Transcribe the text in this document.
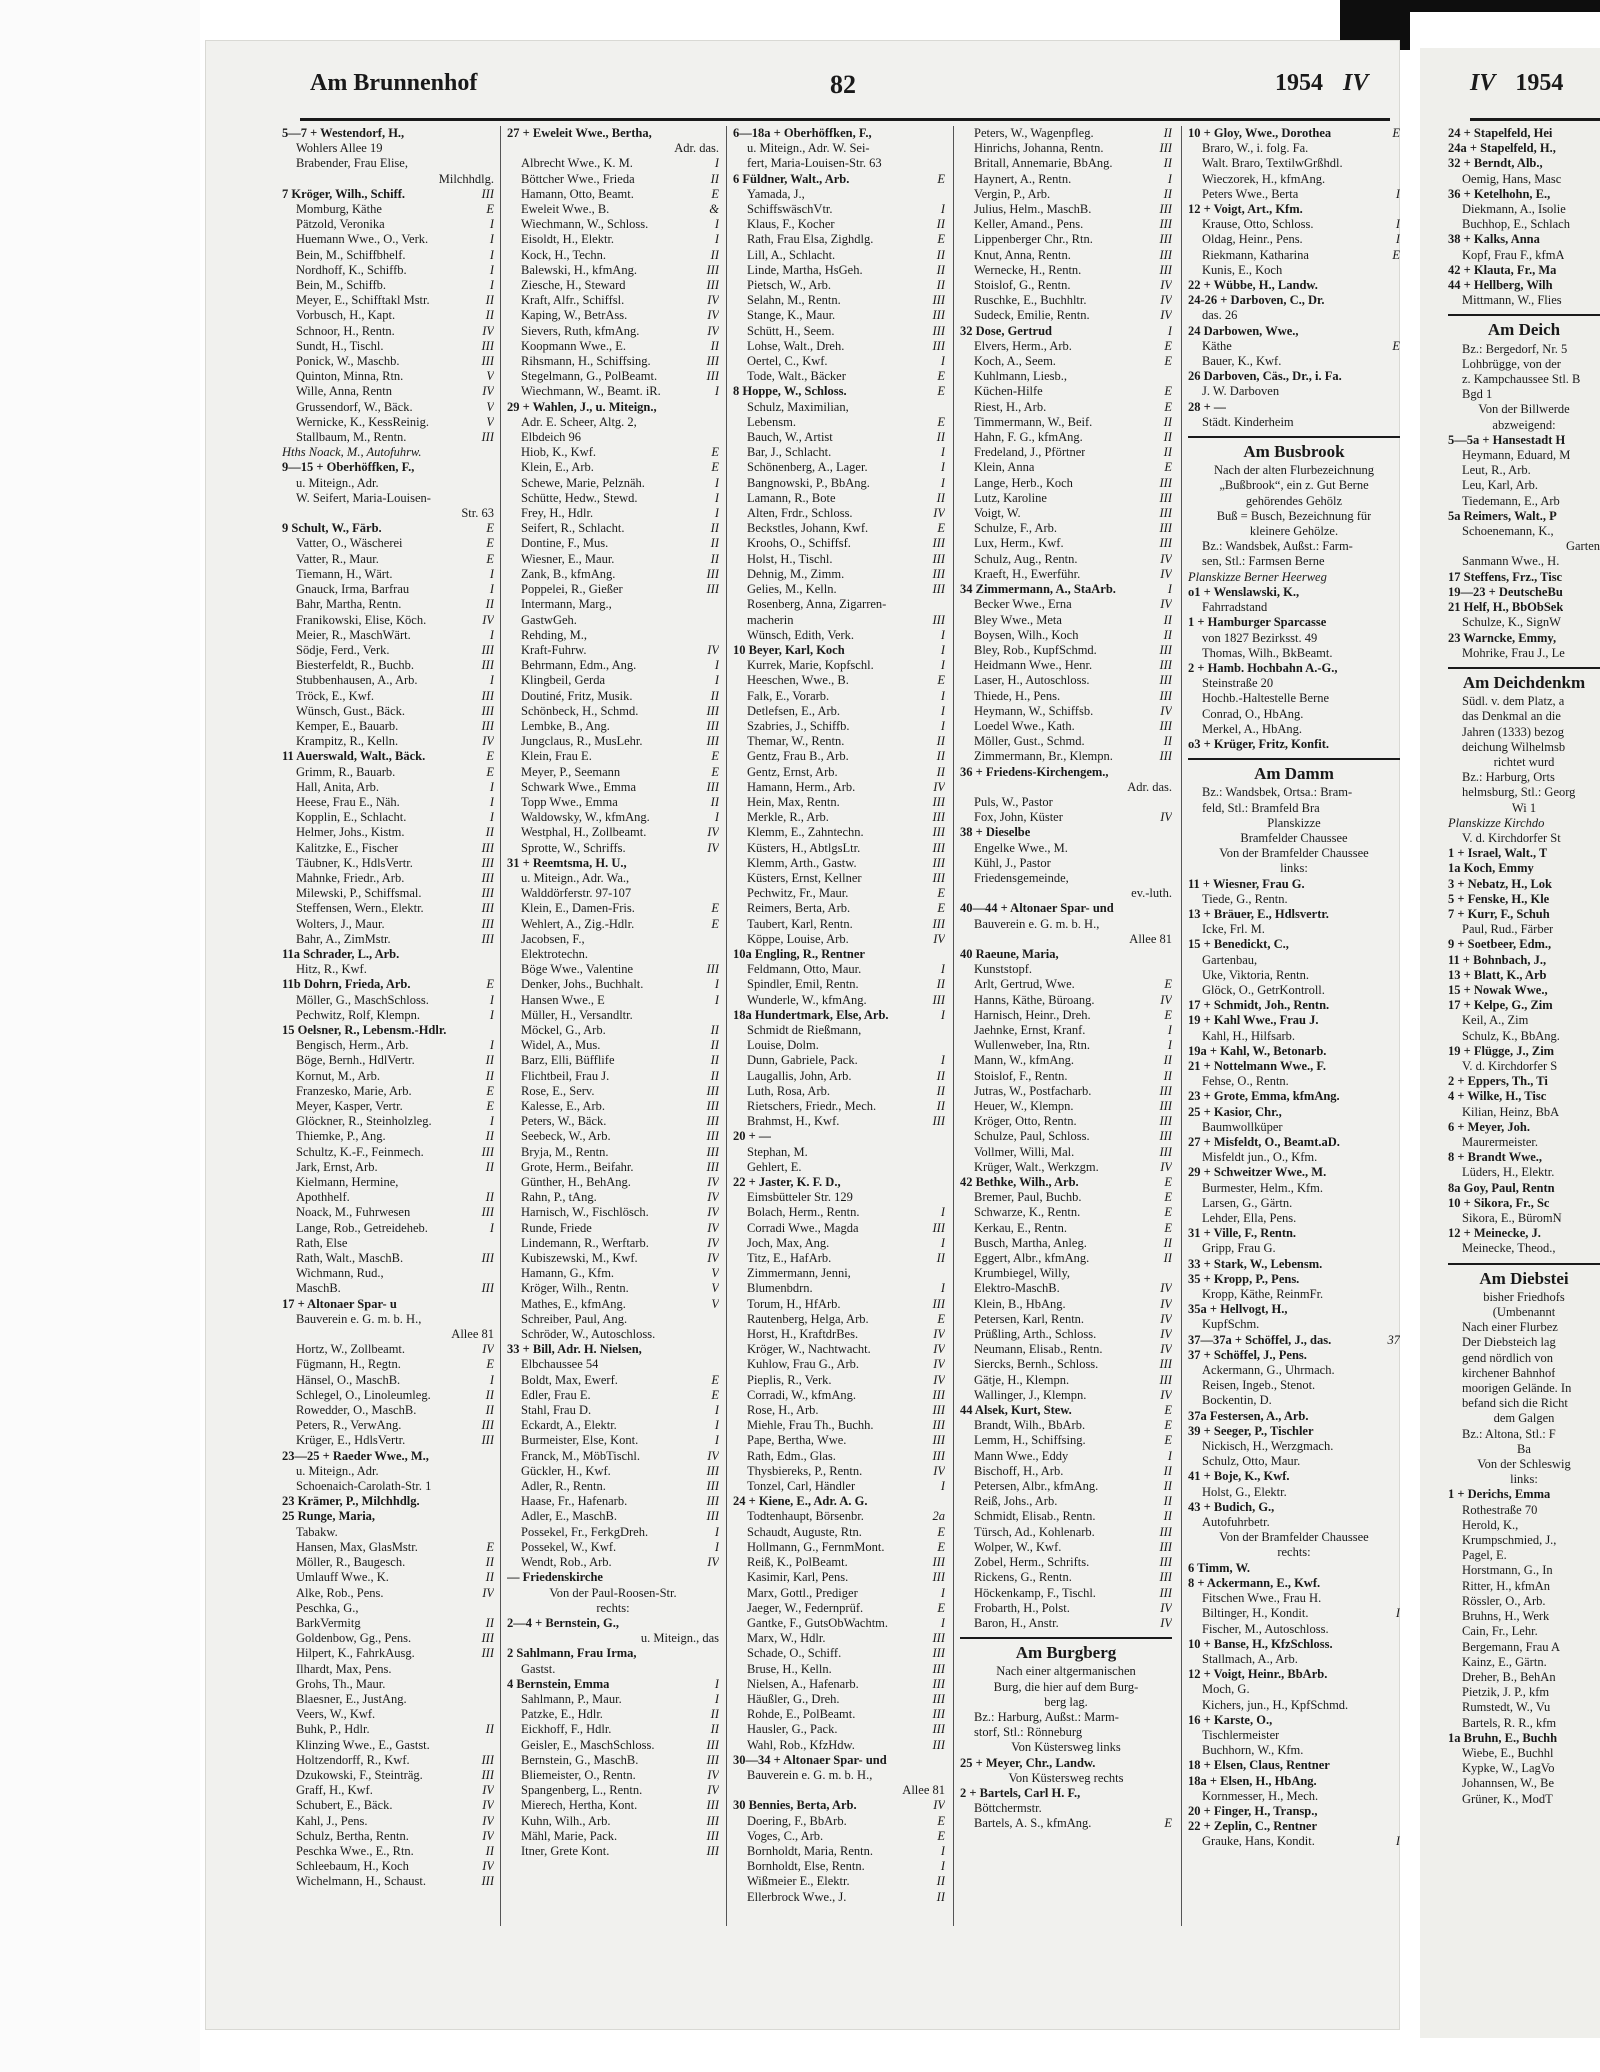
Am Brunnenhof	82	1954 IV	IV 1954
5—7 + Westendorf, H.,
Wohlers Allee 19
Brabender, Frau Elise,
Milchhdlg.
7 Kröger, Wilh., Schiff.	III
Momburg, Käthe	E
Pätzold, Veronika	I
Huemann Wwe., O., Verk.	I
Bein, M., Schiffbhelf.	I
Nordhoff, K., Schiffb.	I
Bein, M., Schiffb.	I
Meyer, E., Schifftakl Mstr.	II
Vorbusch, H., Kapt.	II
Schnoor, H., Rentn.	IV
Sundt, H., Tischl.	III
Ponick, W., Maschb.	III
Quinton, Minna, Rtn.	V
Wille, Anna, Rentn	IV
Grussendorf, W., Bäck.	V
Wernicke, K., KessReinig.	V
Stallbaum, M., Rentn.	III
Hths Noack, M., Autofuhrw.
9—15 + Oberhöffken, F.,
u. Miteign., Adr.
W. Seifert, Maria-Louisen-
Str. 63
9 Schult, W., Färb.	E
Vatter, O., Wäscherei	E
Vatter, R., Maur.	E
Tiemann, H., Wärt.	I
Gnauck, Irma, Barfrau	I
Bahr, Martha, Rentn.	II
Franikowski, Elise, Köch.	IV
Meier, R., MaschWärt.	I
Södje, Ferd., Verk.	III
Biesterfeldt, R., Buchb.	III
Stubbenhausen, A., Arb.	I
Tröck, E., Kwf.	III
Wünsch, Gust., Bäck.	III
Kemper, E., Bauarb.	III
Krampitz, R., Kelln.	IV
11 Auerswald, Walt., Bäck.	E
Grimm, R., Bauarb.	E
Hall, Anita, Arb.	I
Heese, Frau E., Näh.	I
Kopplin, E., Schlacht.	I
Helmer, Johs., Kistm.	II
Kalitzke, E., Fischer	III
Täubner, K., HdlsVertr.	III
Mahnke, Friedr., Arb.	III
Milewski, P., Schiffsmal.	III
Steffensen, Wern., Elektr.	III
Wolters, J., Maur.	III
Bahr, A., ZimMstr.	III
11a Schrader, L., Arb.
Hitz, R., Kwf.
11b Dohrn, Frieda, Arb.	E
Möller, G., MaschSchloss.	I
Pechwitz, Rolf, Klempn.	I
15 Oelsner, R., Lebensm.-Hdlr.
Bengisch, Herm., Arb.	I
Böge, Bernh., HdlVertr.	II
Kornut, M., Arb.	II
Franzesko, Marie, Arb.	E
Meyer, Kasper, Vertr.	E
Glöckner, R., Steinholzleg.	I
Thiemke, P., Ang.	II
Schultz, K.-F., Feinmech.	III
Jark, Ernst, Arb.	II
Kielmann, Hermine,
Apothhelf.	II
Noack, M., Fuhrwesen	III
Lange, Rob., Getreideheb.	I
Rath, Else
Rath, Walt., MaschB.	III
Wichmann, Rud.,
MaschB.	III
17 + Altonaer Spar- u
Bauverein e. G. m. b. H.,
Allee 81
Hortz, W., Zollbeamt.	IV
Fügmann, H., Regtn.	E
Hänsel, O., MaschB.	I
Schlegel, O., Linoleumleg.	II
Rowedder, O., MaschB.	II
Peters, R., VerwAng.	III
Krüger, E., HdlsVertr.	III
23—25 + Raeder Wwe., M.,
u. Miteign., Adr.
Schoenaich-Carolath-Str. 1
23 Krämer, P., Milchhdlg.
25 Runge, Maria,
Tabakw.
Hansen, Max, GlasMstr.	E
Möller, R., Baugesch.	II
Umlauff Wwe., K.	II
Alke, Rob., Pens.	IV
Peschka, G.,
BarkVermitg	II
Goldenbow, Gg., Pens.	III
Hilpert, K., FahrkAusg.	III
Ilhardt, Max, Pens.
Grohs, Th., Maur.
Blaesner, E., JustAng.
Veers, W., Kwf.
Buhk, P., Hdlr.	II
Klinzing Wwe., E., Gastst.
Holtzendorff, R., Kwf.	III
Dzukowski, F., Steinträg.	III
Graff, H., Kwf.	IV
Schubert, E., Bäck.	IV
Kahl, J., Pens.	IV
Schulz, Bertha, Rentn.	IV
Peschka Wwe., E., Rtn.	II
Schleebaum, H., Koch	IV
Wichelmann, H., Schaust.	III
27 + Eweleit Wwe., Bertha,
Adr. das.
Albrecht Wwe., K. M.	I
Böttcher Wwe., Frieda	II
Hamann, Otto, Beamt.	E
Eweleit Wwe., B.	&
Wiechmann, W., Schloss.	I
Eisoldt, H., Elektr.	I
Kock, H., Techn.	II
Balewski, H., kfmAng.	III
Ziesche, H., Steward	III
Kraft, Alfr., Schiffsl.	IV
Kaping, W., BetrAss.	IV
Sievers, Ruth, kfmAng.	IV
Koopmann Wwe., E.	II
Rihsmann, H., Schiffsing.	III
Stegelmann, G., PolBeamt.	III
Wiechmann, W., Beamt. iR.	I
29 + Wahlen, J., u. Miteign.,
Adr. E. Scheer, Altg. 2,
Elbdeich 96
Hiob, K., Kwf.	E
Klein, E., Arb.	E
Schewe, Marie, Pelznäh.	I
Schütte, Hedw., Stewd.	I
Frey, H., Hdlr.	I
Seifert, R., Schlacht.	II
Dontine, F., Mus.	II
Wiesner, E., Maur.	II
Zank, B., kfmAng.	III
Poppelei, R., Gießer	III
Intermann, Marg.,
GastwGeh.
Rehding, M.,
Kraft-Fuhrw.	IV
Behrmann, Edm., Ang.	I
Klingbeil, Gerda	I
Doutiné, Fritz, Musik.	II
Schönbeck, H., Schmd.	III
Lembke, B., Ang.	III
Jungclaus, R., MusLehr.	III
Klein, Frau E.	E
Meyer, P., Seemann	E
Schwark Wwe., Emma	III
Topp Wwe., Emma	II
Waldowsky, W., kfmAng.	I
Westphal, H., Zollbeamt.	IV
Sprotte, W., Schriffs.	IV
31 + Reemtsma, H. U.,
u. Miteign., Adr. Wa.,
Walddörferstr. 97-107
Klein, E., Damen-Fris.	E
Wehlert, A., Zig.-Hdlr.	E
Jacobsen, F.,
Elektrotechn.
Böge Wwe., Valentine	III
Denker, Johs., Buchhalt.	I
Hansen Wwe., E	I
Müller, H., Versandltr.
Möckel, G., Arb.	II
Widel, A., Mus.	II
Barz, Elli, Büfflife	II
Flichtbeil, Frau J.	II
Rose, E., Serv.	III
Kalesse, E., Arb.	III
Peters, W., Bäck.	III
Seebeck, W., Arb.	III
Bryja, M., Rentn.	III
Grote, Herm., Beifahr.	III
Günther, H., BehAng.	IV
Rahn, P., tAng.	IV
Harnisch, W., Fischlösch.	IV
Runde, Friede	IV
Lindemann, R., Werftarb.	IV
Kubiszewski, M., Kwf.	IV
Hamann, G., Kfm.	V
Kröger, Wilh., Rentn.	V
Mathes, E., kfmAng.	V
Schreiber, Paul, Ang.
Schröder, W., Autoschloss.
33 + Bill, Adr. H. Nielsen,
Elbchaussee 54
Boldt, Max, Ewerf.	E
Edler, Frau E.	E
Stahl, Frau D.	I
Eckardt, A., Elektr.	I
Burmeister, Else, Kont.	I
Franck, M., MöbTischl.	IV
Gückler, H., Kwf.	III
Adler, R., Rentn.	III
Haase, Fr., Hafenarb.	III
Adler, E., MaschB.	III
Possekel, Fr., FerkgDreh.	I
Possekel, W., Kwf.	I
Wendt, Rob., Arb.	IV
— Friedenskirche
Von der Paul-Roosen-Str.
rechts:
2—4 + Bernstein, G.,
u. Miteign., das
2 Sahlmann, Frau Irma,
Gastst.
4 Bernstein, Emma	I
Sahlmann, P., Maur.	I
Patzke, E., Hdlr.	II
Eickhoff, F., Hdlr.	II
Geisler, E., MaschSchloss.	III
Bernstein, G., MaschB.	III
Bliemeister, O., Rentn.	IV
Spangenberg, L., Rentn.	IV
Mierech, Hertha, Kont.	III
Kuhn, Wilh., Arb.	III
Mähl, Marie, Pack.	III
Itner, Grete Kont.	III
6—18a + Oberhöffken, F.,
u. Miteign., Adr. W. Sei-
fert, Maria-Louisen-Str. 63
6 Füldner, Walt., Arb.	E
Yamada, J.,
SchiffswäschVtr.	I
Klaus, F., Kocher	II
Rath, Frau Elsa, Zighdlg.	E
Lill, A., Schlacht.	II
Linde, Martha, HsGeh.	II
Pietsch, W., Arb.	II
Selahn, M., Rentn.	III
Stange, K., Maur.	III
Schütt, H., Seem.	III
Lohse, Walt., Dreh.	III
Oertel, C., Kwf.	I
Tode, Walt., Bäcker	E
8 Hoppe, W., Schloss.	E
Schulz, Maximilian,
Lebensm.	E
Bauch, W., Artist	II
Bar, J., Schlacht.	I
Schönenberg, A., Lager.	I
Bangnowski, P., BbAng.	I
Lamann, R., Bote	II
Alten, Frdr., Schloss.	IV
Beckstles, Johann, Kwf.	E
Kroohs, O., Schiffsf.	III
Holst, H., Tischl.	III
Dehnig, M., Zimm.	III
Gelies, M., Kelln.	III
Rosenberg, Anna, Zigarren-
macherin	III
Wünsch, Edith, Verk.	I
10 Beyer, Karl, Koch	I
Kurrek, Marie, Kopfschl.	I
Heeschen, Wwe., B.	E
Falk, E., Vorarb.	I
Detlefsen, E., Arb.	I
Szabries, J., Schiffb.	I
Themar, W., Rentn.	II
Gentz, Frau B., Arb.	II
Gentz, Ernst, Arb.	II
Hamann, Herm., Arb.	IV
Hein, Max, Rentn.	III
Merkle, R., Arb.	III
Klemm, E., Zahntechn.	III
Küsters, H., AbtlgsLtr.	III
Klemm, Arth., Gastw.	III
Küsters, Ernst, Kellner	III
Pechwitz, Fr., Maur.	E
Reimers, Berta, Arb.	E
Taubert, Karl, Rentn.	III
Köppe, Louise, Arb.	IV
10a Engling, R., Rentner
Feldmann, Otto, Maur.	I
Spindler, Emil, Rentn.	II
Wunderle, W., kfmAng.	III
18a Hundertmark, Else, Arb.	I
Schmidt de Rießmann,
Louise, Dolm.
Dunn, Gabriele, Pack.	I
Laugallis, John, Arb.	II
Luth, Rosa, Arb.	II
Rietschers, Friedr., Mech.	II
Brahmst, H., Kwf.	III
20 + —
Stephan, M.
Gehlert, E.
22 + Jaster, K. F. D.,
Eimsbütteler Str. 129
Bolach, Herm., Rentn.	I
Corradi Wwe., Magda	III
Joch, Max, Ang.	I
Titz, E., HafArb.	II
Zimmermann, Jenni,
Blumenbdrn.	I
Torum, H., HfArb.	III
Rautenberg, Helga, Arb.	E
Horst, H., KraftdrBes.	IV
Kröger, W., Nachtwacht.	IV
Kuhlow, Frau G., Arb.	IV
Pieplis, R., Verk.	IV
Corradi, W., kfmAng.	III
Rose, H., Arb.	III
Miehle, Frau Th., Buchh.	III
Pape, Bertha, Wwe.	III
Rath, Edm., Glas.	III
Thysbiereks, P., Rentn.	IV
Tonzel, Carl, Händler	I
24 + Kiene, E., Adr. A. G.
Todtenhaupt, Börsenbr.	2a
Schaudt, Auguste, Rtn.	E
Hollmann, G., FernmMont.	E
Reiß, K., PolBeamt.	III
Kasimir, Karl, Pens.	III
Marx, Gottl., Prediger	I
Jaeger, W., Federnprüf.	E
Gantke, F., GutsObWachtm.	I
Marx, W., Hdlr.	III
Schade, O., Schiff.	III
Bruse, H., Kelln.	III
Nielsen, A., Hafenarb.	III
Häußler, G., Dreh.	III
Rohde, E., PolBeamt.	III
Hausler, G., Pack.	III
Wahl, Rob., KfzHdw.	III
30—34 + Altonaer Spar- und
Bauverein e. G. m. b. H.,
Allee 81
30 Bennies, Berta, Arb.	IV
Doering, F., BbArb.	E
Voges, C., Arb.	E
Bornholdt, Maria, Rentn.	I
Bornholdt, Else, Rentn.	I
Wißmeier E., Elektr.	II
Ellerbrock Wwe., J.	II
Peters, W., Wagenpfleg.	II
Hinrichs, Johanna, Rentn.	III
Britall, Annemarie, BbAng.	II
Haynert, A., Rentn.	I
Vergin, P., Arb.	II
Julius, Helm., MaschB.	III
Keller, Amand., Pens.	III
Lippenberger Chr., Rtn.	III
Knut, Anna, Rentn.	III
Wernecke, H., Rentn.	III
Stoislof, G., Rentn.	IV
Ruschke, E., Buchhltr.	IV
Sudeck, Emilie, Rentn.	IV
32 Dose, Gertrud	I
Elvers, Herm., Arb.	E
Koch, A., Seem.	E
Kuhlmann, Liesb.,
Küchen-Hilfe	E
Riest, H., Arb.	E
Timmermann, W., Beif.	II
Hahn, F. G., kfmAng.	II
Fredeland, J., Pförtner	II
Klein, Anna	E
Lange, Herb., Koch	III
Lutz, Karoline	III
Voigt, W.	III
Schulze, F., Arb.	III
Lux, Herm., Kwf.	III
Schulz, Aug., Rentn.	IV
Kraeft, H., Ewerführ.	IV
34 Zimmermann, A., StaArb.	I
Becker Wwe., Erna	IV
Bley Wwe., Meta	II
Boysen, Wilh., Koch	II
Bley, Rob., KupfSchmd.	III
Heidmann Wwe., Henr.	III
Laser, H., Autoschloss.	III
Thiede, H., Pens.	III
Heymann, W., Schiffsb.	IV
Loedel Wwe., Kath.	III
Möller, Gust., Schmd.	II
Zimmermann, Br., Klempn.	III
36 + Friedens-Kirchengem.,
Adr. das.
Puls, W., Pastor
Fox, John, Küster	IV
38 + Dieselbe
Engelke Wwe., M.
Kühl, J., Pastor
Friedensgemeinde,
ev.-luth.
40—44 + Altonaer Spar- und
Bauverein e. G. m. b. H.,
Allee 81
40 Raeune, Maria,
Kunststopf.
Arlt, Gertrud, Wwe.	E
Hanns, Käthe, Büroang.	IV
Harnisch, Heinr., Dreh.	E
Jaehnke, Ernst, Kranf.	I
Wullenweber, Ina, Rtn.	I
Mann, W., kfmAng.	II
Stoislof, F., Rentn.	II
Jutras, W., Postfacharb.	III
Heuer, W., Klempn.	III
Kröger, Otto, Rentn.	III
Schulze, Paul, Schloss.	III
Vollmer, Willi, Mal.	III
Krüger, Walt., Werkzgm.	IV
42 Bethke, Wilh., Arb.	E
Bremer, Paul, Buchb.	E
Schwarze, K., Rentn.	E
Kerkau, E., Rentn.	E
Busch, Martha, Anleg.	II
Eggert, Albr., kfmAng.	II
Krumbiegel, Willy,
Elektro-MaschB.	IV
Klein, B., HbAng.	IV
Petersen, Karl, Rentn.	IV
Prüßling, Arth., Schloss.	IV
Neumann, Elisab., Rentn.	IV
Siercks, Bernh., Schloss.	III
Gätje, H., Klempn.	III
Wallinger, J., Klempn.	IV
44 Alsek, Kurt, Stew.	E
Brandt, Wilh., BbArb.	E
Lemm, H., Schiffsing.	E
Mann Wwe., Eddy	I
Bischoff, H., Arb.	II
Petersen, Albr., kfmAng.	II
Reiß, Johs., Arb.	II
Schmidt, Elisab., Rentn.	II
Türsch, Ad., Kohlenarb.	III
Wolper, W., Kwf.	III
Zobel, Herm., Schrifts.	III
Rickens, G., Rentn.	III
Höckenkamp, F., Tischl.	III
Frobarth, H., Polst.	IV
Baron, H., Anstr.	IV
Am Burgberg
Nach einer altgermanischen
Burg, die hier auf dem Burg-
berg lag.
Bz.: Harburg, Außst.: Marm-
storf, Stl.: Rönneburg
Von Küstersweg links
25 + Meyer, Chr., Landw.
Von Küstersweg rechts
2 + Bartels, Carl H. F.,
Böttchermstr.
Bartels, A. S., kfmAng.	E
10 + Gloy, Wwe., Dorothea	E
Braro, W., i. folg. Fa.
Walt. Braro, TextilwGrßhdl.
Wieczorek, H., kfmAng.
Peters Wwe., Berta	I
12 + Voigt, Art., Kfm.
Krause, Otto, Schloss.	I
Oldag, Heinr., Pens.	I
Riekmann, Katharina	E
Kunis, E., Koch
22 + Wübbe, H., Landw.
24-26 + Darboven, C., Dr.
das. 26
24 Darbowen, Wwe.,
Käthe	E
Bauer, K., Kwf.
26 Darboven, Cäs., Dr., i. Fa.
J. W. Darboven
28 + —
Städt. Kinderheim
Am Busbrook
Nach der alten Flurbezeichnung
„Bußbrook“, ein z. Gut Berne
gehörendes Gehölz
Buß = Busch, Bezeichnung für
kleinere Gehölze.
Bz.: Wandsbek, Außst.: Farm-
sen, Stl.: Farmsen Berne
Planskizze Berner Heerweg
o1 + Wenslawski, K.,
Fahrradstand
1 + Hamburger Sparcasse
von 1827 Bezirksst. 49
Thomas, Wilh., BkBeamt.
2 + Hamb. Hochbahn A.-G.,
Steinstraße 20
Hochb.-Haltestelle Berne
Conrad, O., HbAng.
Merkel, A., HbAng.
o3 + Krüger, Fritz, Konfit.
Am Damm
Bz.: Wandsbek, Ortsa.: Bram-
feld, Stl.: Bramfeld Bra
Planskizze
Bramfelder Chaussee
Von der Bramfelder Chaussee
links:
11 + Wiesner, Frau G.
Tiede, G., Rentn.
13 + Bräuer, E., Hdlsvertr.
Icke, Frl. M.
15 + Benedickt, C.,
Gartenbau,
Uke, Viktoria, Rentn.
Glöck, O., GetrKontroll.
17 + Schmidt, Joh., Rentn.
19 + Kahl Wwe., Frau J.
Kahl, H., Hilfsarb.
19a + Kahl, W., Betonarb.
21 + Nottelmann Wwe., F.
Fehse, O., Rentn.
23 + Grote, Emma, kfmAng.
25 + Kasior, Chr.,
Baumwollküper
27 + Misfeldt, O., Beamt.aD.
Misfeldt jun., O., Kfm.
29 + Schweitzer Wwe., M.
Burmester, Helm., Kfm.
Larsen, G., Gärtn.
Lehder, Ella, Pens.
31 + Ville, F., Rentn.
Gripp, Frau G.
33 + Stark, W., Lebensm.
35 + Kropp, P., Pens.
Kropp, Käthe, ReinmFr.
35a + Hellvogt, H.,
KupfSchm.
37—37a + Schöffel, J., das.	37
37 + Schöffel, J., Pens.
Ackermann, G., Uhrmach.
Reisen, Ingeb., Stenot.
Bockentin, D.
37a Festersen, A., Arb.
39 + Seeger, P., Tischler
Nickisch, H., Werzgmach.
Schulz, Otto, Maur.
41 + Boje, K., Kwf.
Holst, G., Elektr.
43 + Budich, G.,
Autofuhrbetr.
Von der Bramfelder Chaussee
rechts:
6 Timm, W.
8 + Ackermann, E., Kwf.
Fitschen Wwe., Frau H.
Biltinger, H., Kondit.	I
Fischer, M., Autoschloss.
10 + Banse, H., KfzSchloss.
Stallmach, A., Arb.
12 + Voigt, Heinr., BbArb.
Moch, G.
Kichers, jun., H., KpfSchmd.
16 + Karste, O.,
Tischlermeister
Buchhorn, W., Kfm.
18 + Elsen, Claus, Rentner
18a + Elsen, H., HbAng.
Kornmesser, H., Mech.
20 + Finger, H., Transp.,
22 + Zeplin, C., Rentner
Grauke, Hans, Kondit.	I
24 + Stapelfeld, Hei
24a + Stapelfeld, H.,
32 + Berndt, Alb.,
Oemig, Hans, Masc
36 + Ketelhohn, E.,
Diekmann, A., Isolie
Buchhop, E., Schlach
38 + Kalks, Anna
Kopf, Frau F., kfmA
42 + Klauta, Fr., Ma
44 + Hellberg, Wilh
Mittmann, W., Flies
Am Deich
Bz.: Bergedorf, Nr. 5
Lohbrügge, von der
z. Kampchaussee Stl. B
Bgd 1
Von der Billwerde
abzweigend:
5—5a + Hansestadt H
Heymann, Eduard, M
Leut, R., Arb.
Leu, Karl, Arb.
Tiedemann, E., Arb
5a Reimers, Walt., P
Schoenemann, K.,
Garten
Sanmann Wwe., H.
17 Steffens, Frz., Tisc
19—23 + DeutscheBu
21 Helf, H., BbObSek
Schulze, K., SignW
23 Warncke, Emmy,
Mohrike, Frau J., Le
Am Deichdenkm
Südl. v. dem Platz, a
das Denkmal an die
Jahren (1333) bezog
deichung Wilhelmsb
richtet wurd
Bz.: Harburg, Orts
helmsburg, Stl.: Georg
Wi 1
Planskizze Kirchdo
V. d. Kirchdorfer St
1 + Israel, Walt., T
1a Koch, Emmy
3 + Nebatz, H., Lok
5 + Fenske, H., Kle
7 + Kurr, F., Schuh
Paul, Rud., Färber
9 + Soetbeer, Edm.,
11 + Bohnbach, J.,
13 + Blatt, K., Arb
15 + Nowak Wwe.,
17 + Kelpe, G., Zim
Keil, A., Zim
Schulz, K., BbAng.
19 + Flügge, J., Zim
V. d. Kirchdorfer S
2 + Eppers, Th., Ti
4 + Wilke, H., Tisc
Kilian, Heinz, BbA
6 + Meyer, Joh.
Maurermeister.
8 + Brandt Wwe.,
Lüders, H., Elektr.
8a Goy, Paul, Rentn
10 + Sikora, Fr., Sc
Sikora, E., BüromN
12 + Meinecke, J.
Meinecke, Theod.,
Am Diebstei
bisher Friedhofs
(Umbenannt
Nach einer Flurbez
Der Diebsteich lag
gend nördlich von
kirchener Bahnhof
moorigen Gelände. In
befand sich die Richt
dem Galgen
Bz.: Altona, Stl.: F
Ba
Von der Schleswig
links:
1 + Derichs, Emma
Rothestraße 70
Herold, K.,
Krumpschmied, J.,
Pagel, E.
Horstmann, G., In
Ritter, H., kfmAn
Rössler, O., Arb.
Bruhns, H., Werk
Cain, Fr., Lehr.
Bergemann, Frau A
Kainz, E., Gärtn.
Dreher, B., BehAn
Pietzik, J. P., kfm
Rumstedt, W., Vu
Bartels, R. R., kfm
1a Bruhn, E., Buchh
Wiebe, E., Buchhl
Kypke, W., LagVo
Johannsen, W., Be
Grüner, K., ModT
